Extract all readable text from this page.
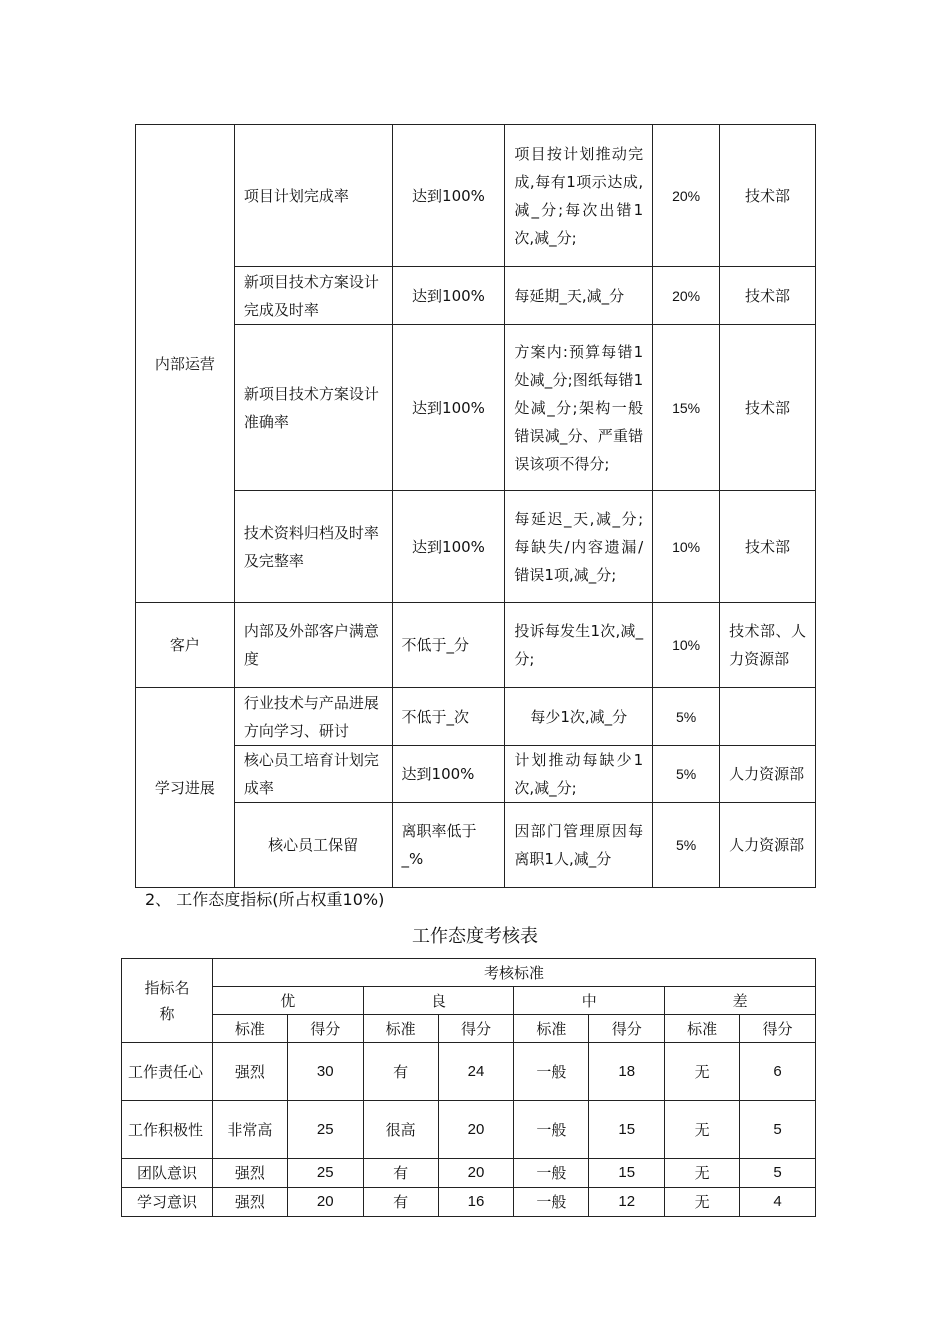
内部运营	项目计划完成率	达到100%	项目按计划推动完成,每有1项示达成,减_分;每次出错1次,减_分;	20%	技术部
	新项目技术方案设计完成及时率	达到100%	每延期_天,减_分	20%	技术部
	新项目技术方案设计准确率	达到100%	方案内:预算每错1处减_分;图纸每错1处减_分;架构一般错误减_分、严重错误该项不得分;	15%	技术部
	技术资料归档及时率及完整率	达到100%	每延迟_天,减_分;每缺失/内容遗漏/错误1项,减_分;	10%	技术部
客户	内部及外部客户满意度	不低于_分	投诉每发生1次,减_分;	10%	技术部、人力资源部
学习进展	行业技术与产品进展方向学习、研讨	不低于_次	每少1次,减_分	5%	
	核心员工培育计划完成率	达到100%	计划推动每缺少1次,减_分;	5%	人力资源部
	核心员工保留	离职率低于_%	因部门管理原因每离职1人,减_分	5%	人力资源部
2、 工作态度指标(所占权重10%)
工作态度考核表
指标名称	考核标准							
	优		良		中		差	
	标准	得分	标准	得分	标准	得分	标准	得分
工作责任心	强烈	30	有	24	一般	18	无	6
工作积极性	非常高	25	很高	20	一般	15	无	5
团队意识	强烈	25	有	20	一般	15	无	5
学习意识	强烈	20	有	16	一般	12	无	4
